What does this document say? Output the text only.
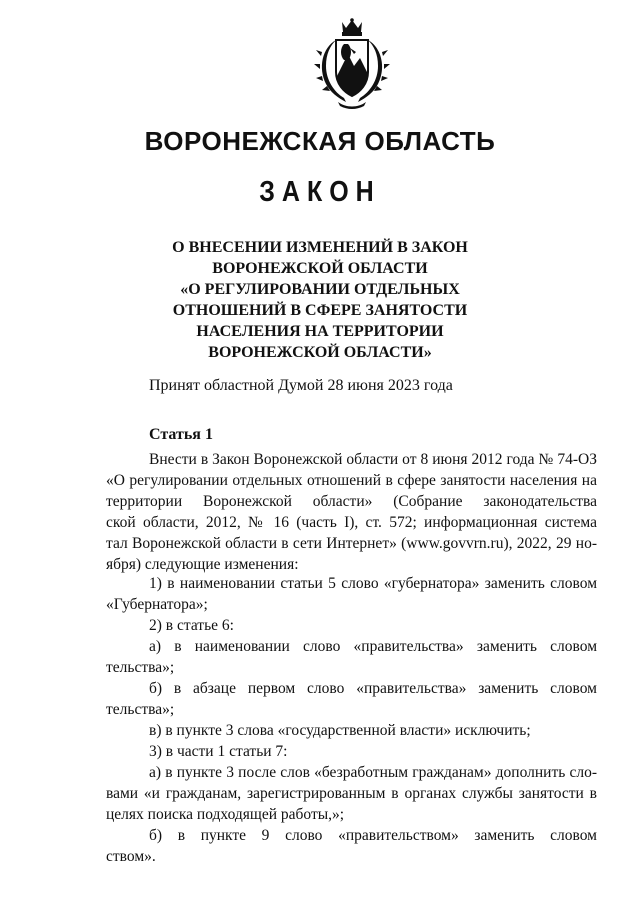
ВОРОНЕЖСКАЯ ОБЛАСТЬ
ЗАКОН
О ВНЕСЕНИИ ИЗМЕНЕНИЙ В ЗАКОН
ВОРОНЕЖСКОЙ ОБЛАСТИ
«О РЕГУЛИРОВАНИИ ОТДЕЛЬНЫХ
ОТНОШЕНИЙ В СФЕРЕ ЗАНЯТОСТИ
НАСЕЛЕНИЯ НА ТЕРРИТОРИИ
ВОРОНЕЖСКОЙ ОБЛАСТИ»
Принят областной Думой 28 июня 2023 года
Статья 1
Внести в Закон Воронежской области от 8 июня 2012 года № 74-ОЗ
«О регулировании отдельных отношений в сфере занятости населения на
территории Воронежской области» (Собрание законодательства
ской области, 2012, № 16 (часть I), ст. 572; информационная система
тал Воронежской области в сети Интернет» (www.govvrn.ru), 2022, 29 но-
ября) следующие изменения:
1) в наименовании статьи 5 слово «губернатора» заменить словом
«Губернатора»;
2) в статье 6:
а) в наименовании слово «правительства» заменить словом
тельства»;
б) в абзаце первом слово «правительства» заменить словом
тельства»;
в) в пункте 3 слова «государственной власти» исключить;
3) в части 1 статьи 7:
а) в пункте 3 после слов «безработным гражданам» дополнить сло-
вами «и гражданам, зарегистрированным в органах службы занятости в
целях поиска подходящей работы,»;
б) в пункте 9 слово «правительством» заменить словом
ством».
